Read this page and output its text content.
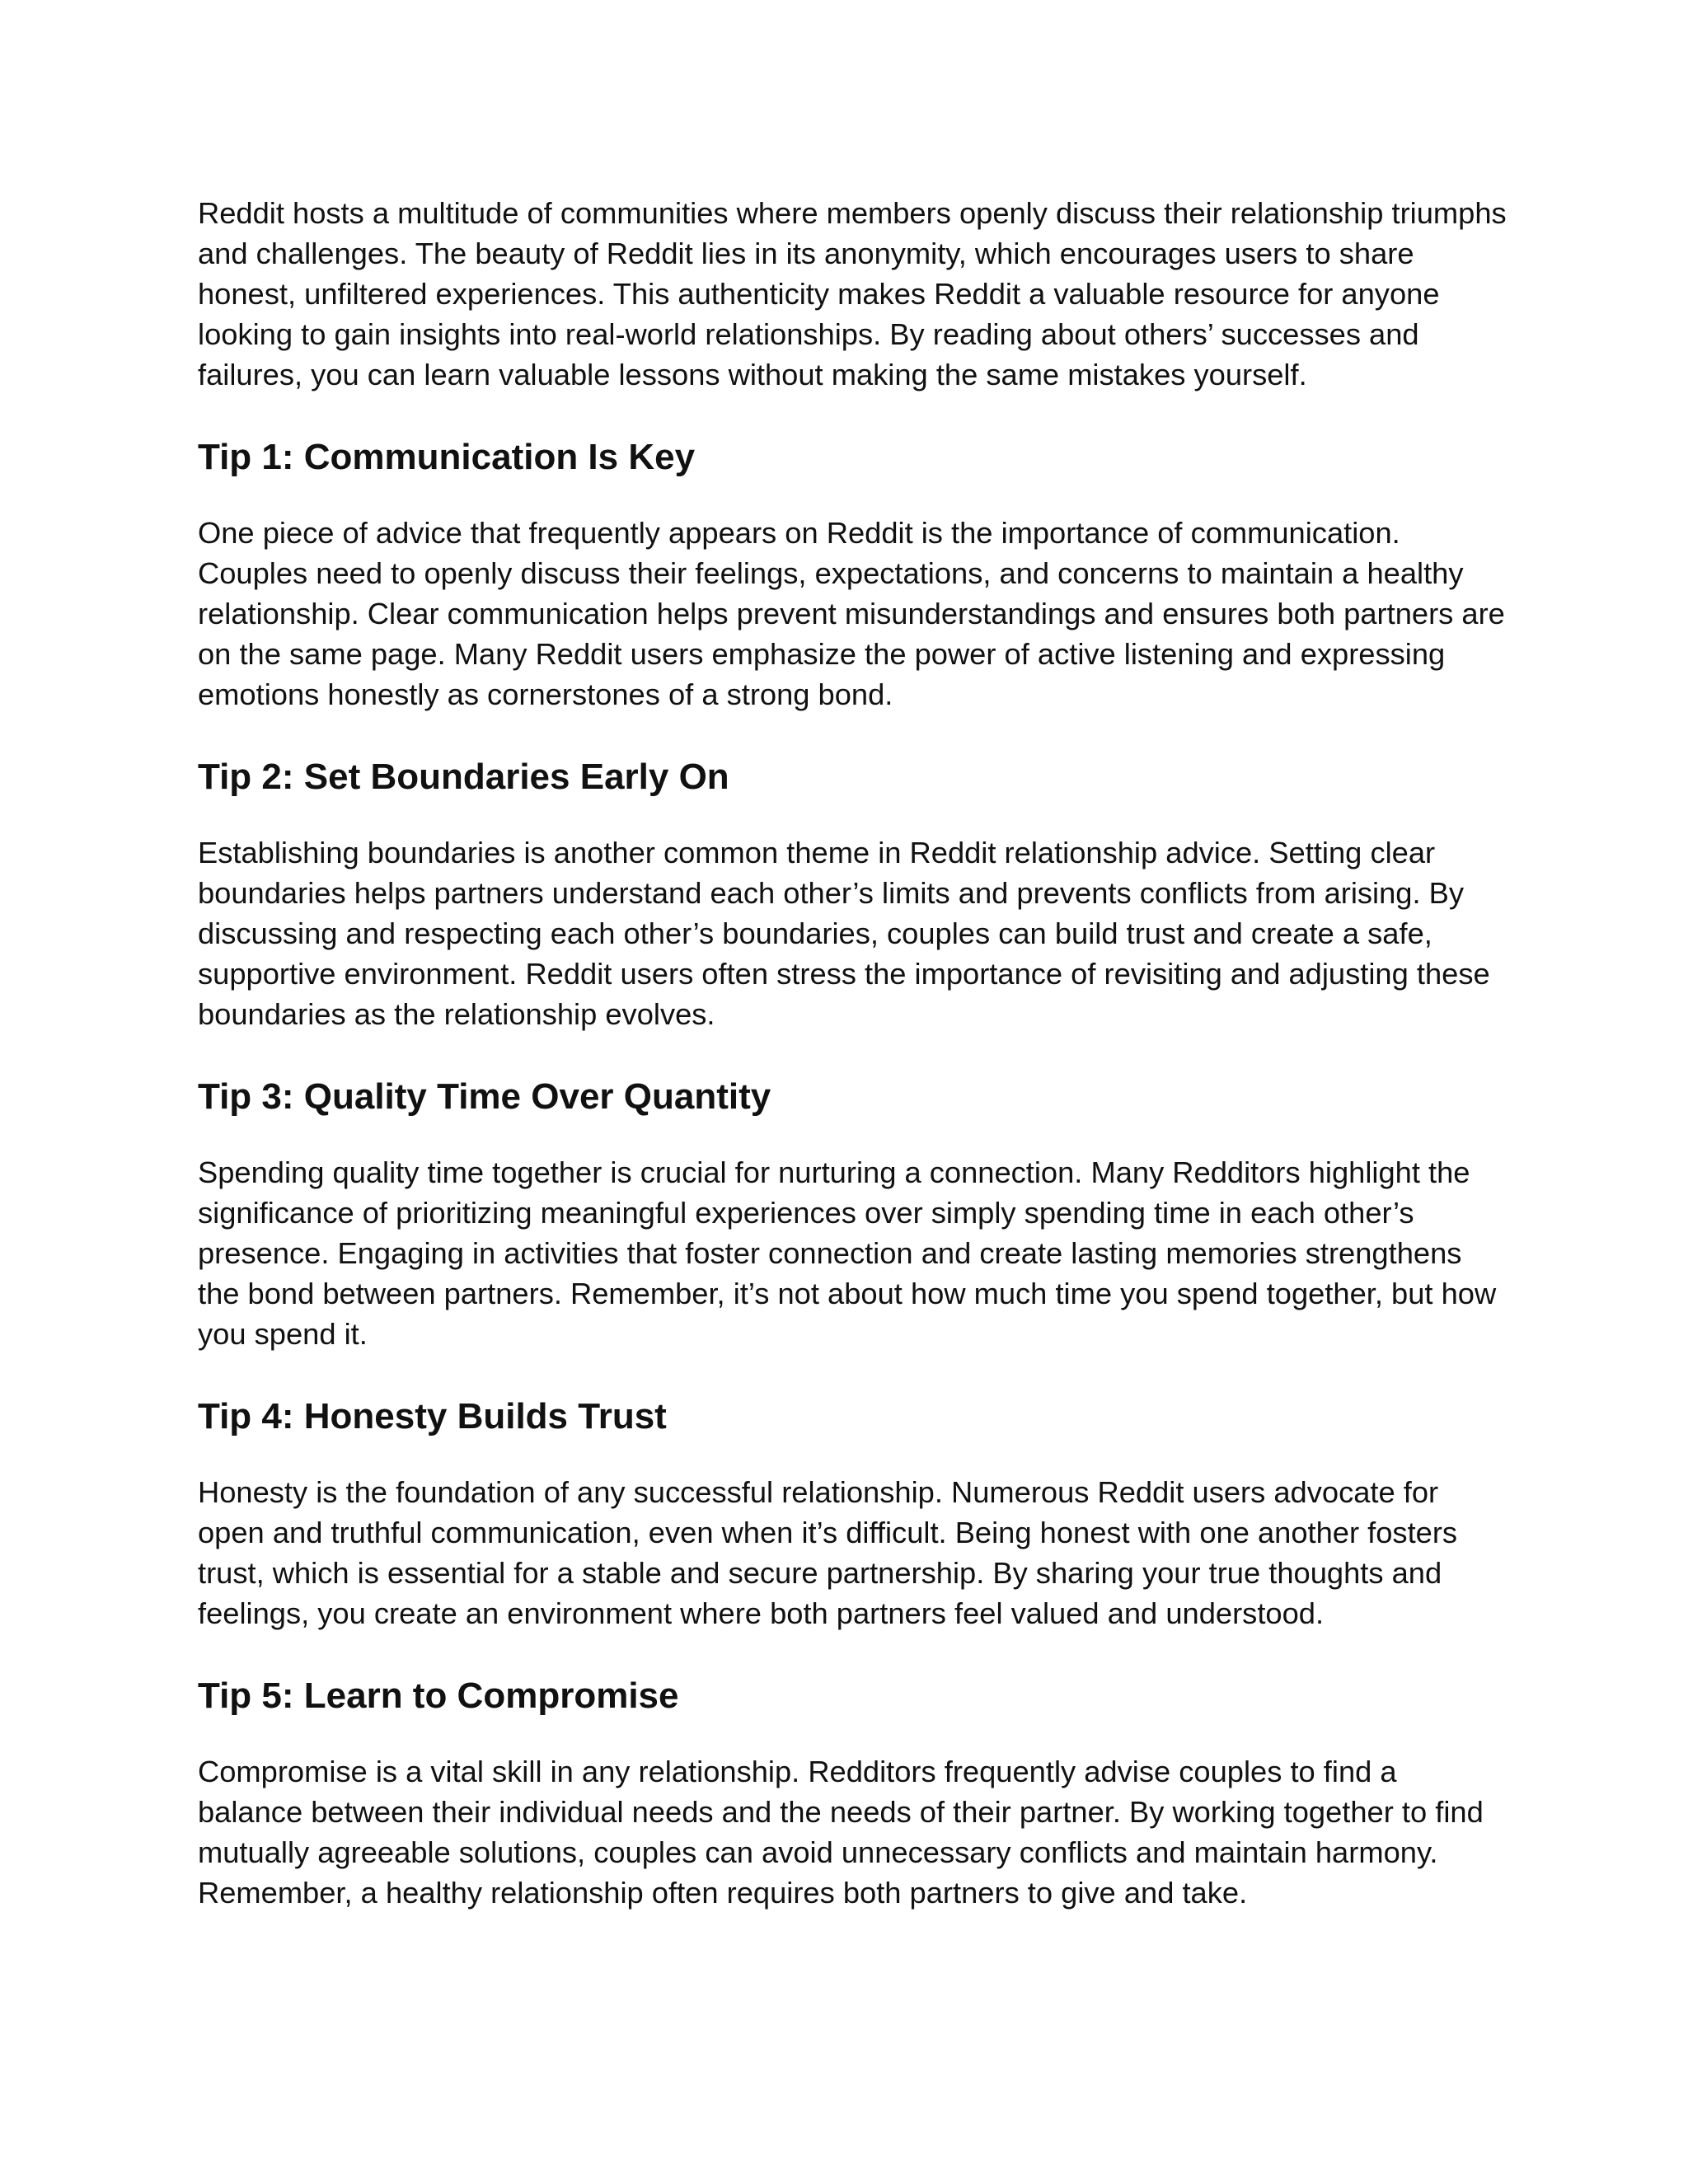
Reddit hosts a multitude of communities where members openly discuss their relationship triumphs and challenges. The beauty of Reddit lies in its anonymity, which encourages users to share honest, unfiltered experiences. This authenticity makes Reddit a valuable resource for anyone looking to gain insights into real-world relationships. By reading about others’ successes and failures, you can learn valuable lessons without making the same mistakes yourself.

Tip 1: Communication Is Key

One piece of advice that frequently appears on Reddit is the importance of communication. Couples need to openly discuss their feelings, expectations, and concerns to maintain a healthy relationship. Clear communication helps prevent misunderstandings and ensures both partners are on the same page. Many Reddit users emphasize the power of active listening and expressing emotions honestly as cornerstones of a strong bond.

Tip 2: Set Boundaries Early On

Establishing boundaries is another common theme in Reddit relationship advice. Setting clear boundaries helps partners understand each other’s limits and prevents conflicts from arising. By discussing and respecting each other’s boundaries, couples can build trust and create a safe, supportive environment. Reddit users often stress the importance of revisiting and adjusting these boundaries as the relationship evolves.

Tip 3: Quality Time Over Quantity

Spending quality time together is crucial for nurturing a connection. Many Redditors highlight the significance of prioritizing meaningful experiences over simply spending time in each other’s presence. Engaging in activities that foster connection and create lasting memories strengthens the bond between partners. Remember, it’s not about how much time you spend together, but how you spend it.

Tip 4: Honesty Builds Trust

Honesty is the foundation of any successful relationship. Numerous Reddit users advocate for open and truthful communication, even when it’s difficult. Being honest with one another fosters trust, which is essential for a stable and secure partnership. By sharing your true thoughts and feelings, you create an environment where both partners feel valued and understood.

Tip 5: Learn to Compromise

Compromise is a vital skill in any relationship. Redditors frequently advise couples to find a balance between their individual needs and the needs of their partner. By working together to find mutually agreeable solutions, couples can avoid unnecessary conflicts and maintain harmony. Remember, a healthy relationship often requires both partners to give and take.
